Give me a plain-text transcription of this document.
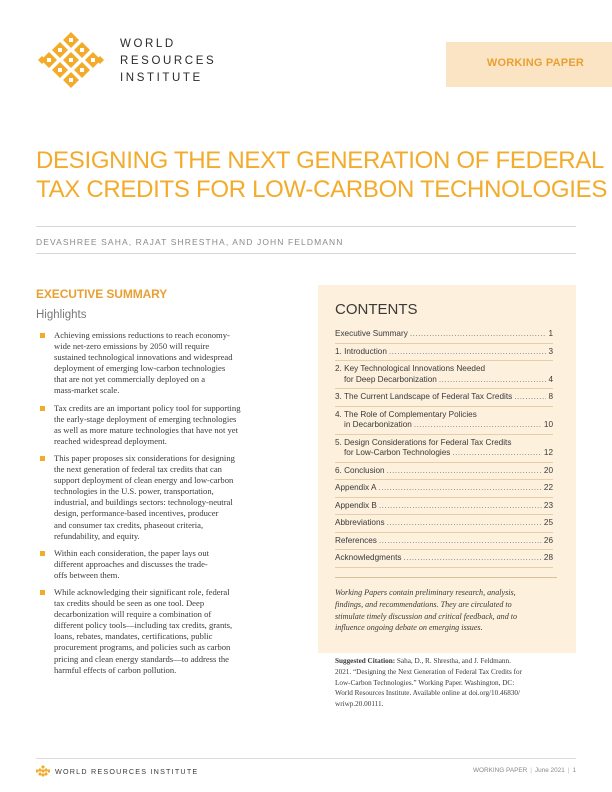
WORLD
RESOURCES
INSTITUTE
WORKING PAPER
DESIGNING THE NEXT GENERATION OF FEDERAL
TAX CREDITS FOR LOW-CARBON TECHNOLOGIES
DEVASHREE SAHA, RAJAT SHRESTHA, AND JOHN FELDMANN
EXECUTIVE SUMMARY
Highlights
Achieving emissions reductions to reach economy-
wide net-zero emissions by 2050 will require
sustained technological innovations and widespread
deployment of emerging low-carbon technologies
that are not yet commercially deployed on a
mass-market scale.
Tax credits are an important policy tool for supporting
the early-stage deployment of emerging technologies
as well as more mature technologies that have not yet
reached widespread deployment.
This paper proposes six considerations for designing
the next generation of federal tax credits that can
support deployment of clean energy and low-carbon
technologies in the U.S. power, transportation,
industrial, and buildings sectors: technology-neutral
design, performance-based incentives, producer
and consumer tax credits, phaseout criteria,
refundability, and equity.
Within each consideration, the paper lays out
different approaches and discusses the trade-
offs between them.
While acknowledging their significant role, federal
tax credits should be seen as one tool. Deep
decarbonization will require a combination of
different policy tools—including tax credits, grants,
loans, rebates, mandates, certifications, public
procurement programs, and policies such as carbon
pricing and clean energy standards—to address the
harmful effects of carbon pollution.
CONTENTS
Executive Summary .....	1
1. Introduction .....	3
2. Key Technological Innovations Needed
for Deep Decarbonization .....	4
3. The Current Landscape of Federal Tax Credits .....	8
4. The Role of Complementary Policies
in Decarbonization .....	10
5. Design Considerations for Federal Tax Credits
for Low-Carbon Technologies .....	12
6. Conclusion .....	20
Appendix A .....	22
Appendix B .....	23
Abbreviations .....	25
References .....	26
Acknowledgments .....	28
Working Papers contain preliminary research, analysis,
findings, and recommendations. They are circulated to
stimulate timely discussion and critical feedback, and to
influence ongoing debate on emerging issues.
Suggested Citation: Saha, D., R. Shrestha, and J. Feldmann.
2021. “Designing the Next Generation of Federal Tax Credits for
Low-Carbon Technologies.” Working Paper. Washington, DC:
World Resources Institute. Available online at doi.org/10.46830/
wriwp.20.00111.
WORLD RESOURCES INSTITUTE	WORKING PAPER | June 2021 | 1
